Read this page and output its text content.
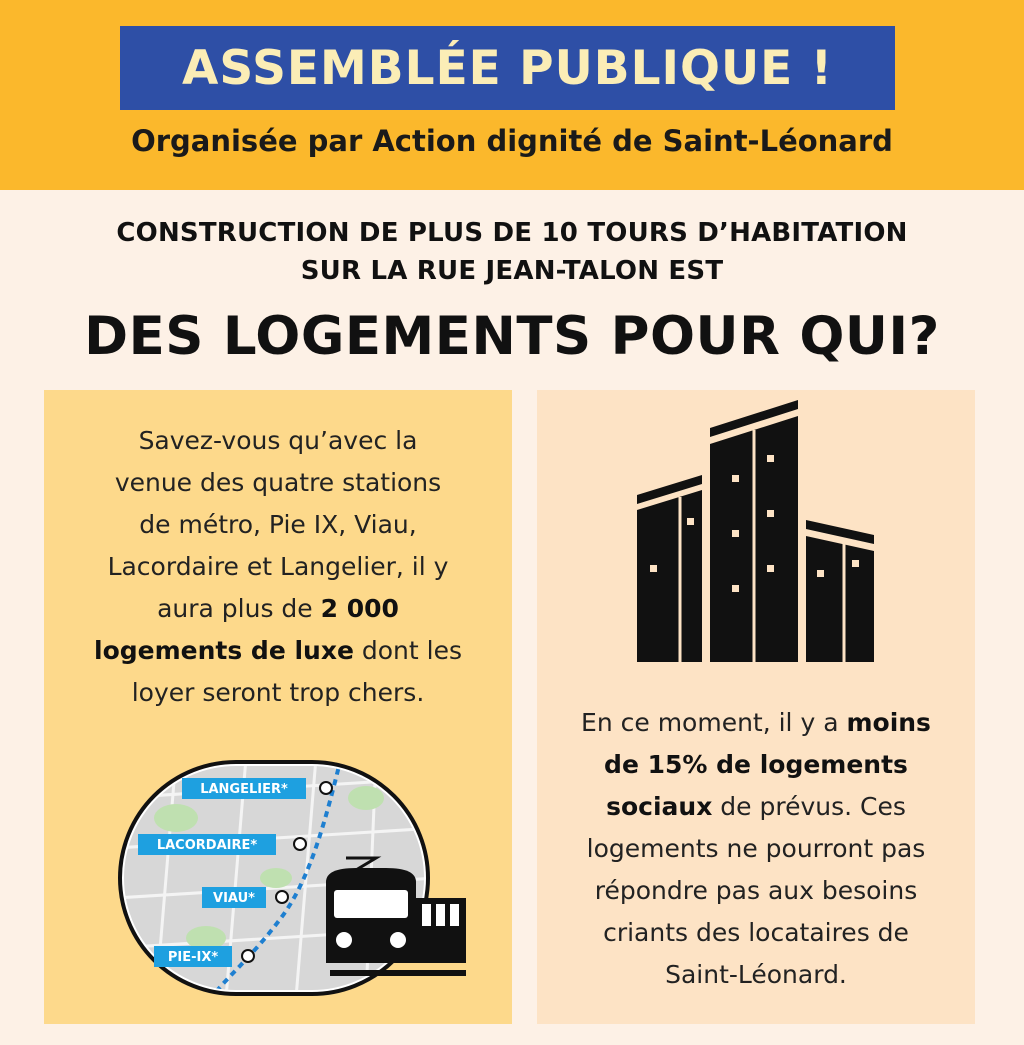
ASSEMBLÉE PUBLIQUE !
Organisée par Action dignité de Saint-Léonard
CONSTRUCTION DE PLUS DE 10 TOURS D’HABITATION
SUR LA RUE JEAN-TALON EST
DES LOGEMENTS POUR QUI?
Savez-vous qu’avec la
venue des quatre stations
de métro, Pie IX, Viau,
Lacordaire et Langelier, il y
aura plus de 2 000
logements de luxe dont les
loyer seront trop chers.
LANGELIER*
LACORDAIRE*
VIAU*
PIE-IX*
En ce moment, il y a moins
de 15% de logements
sociaux de prévus. Ces
logements ne pourront pas
répondre pas aux besoins
criants des locataires de
Saint-Léonard.
